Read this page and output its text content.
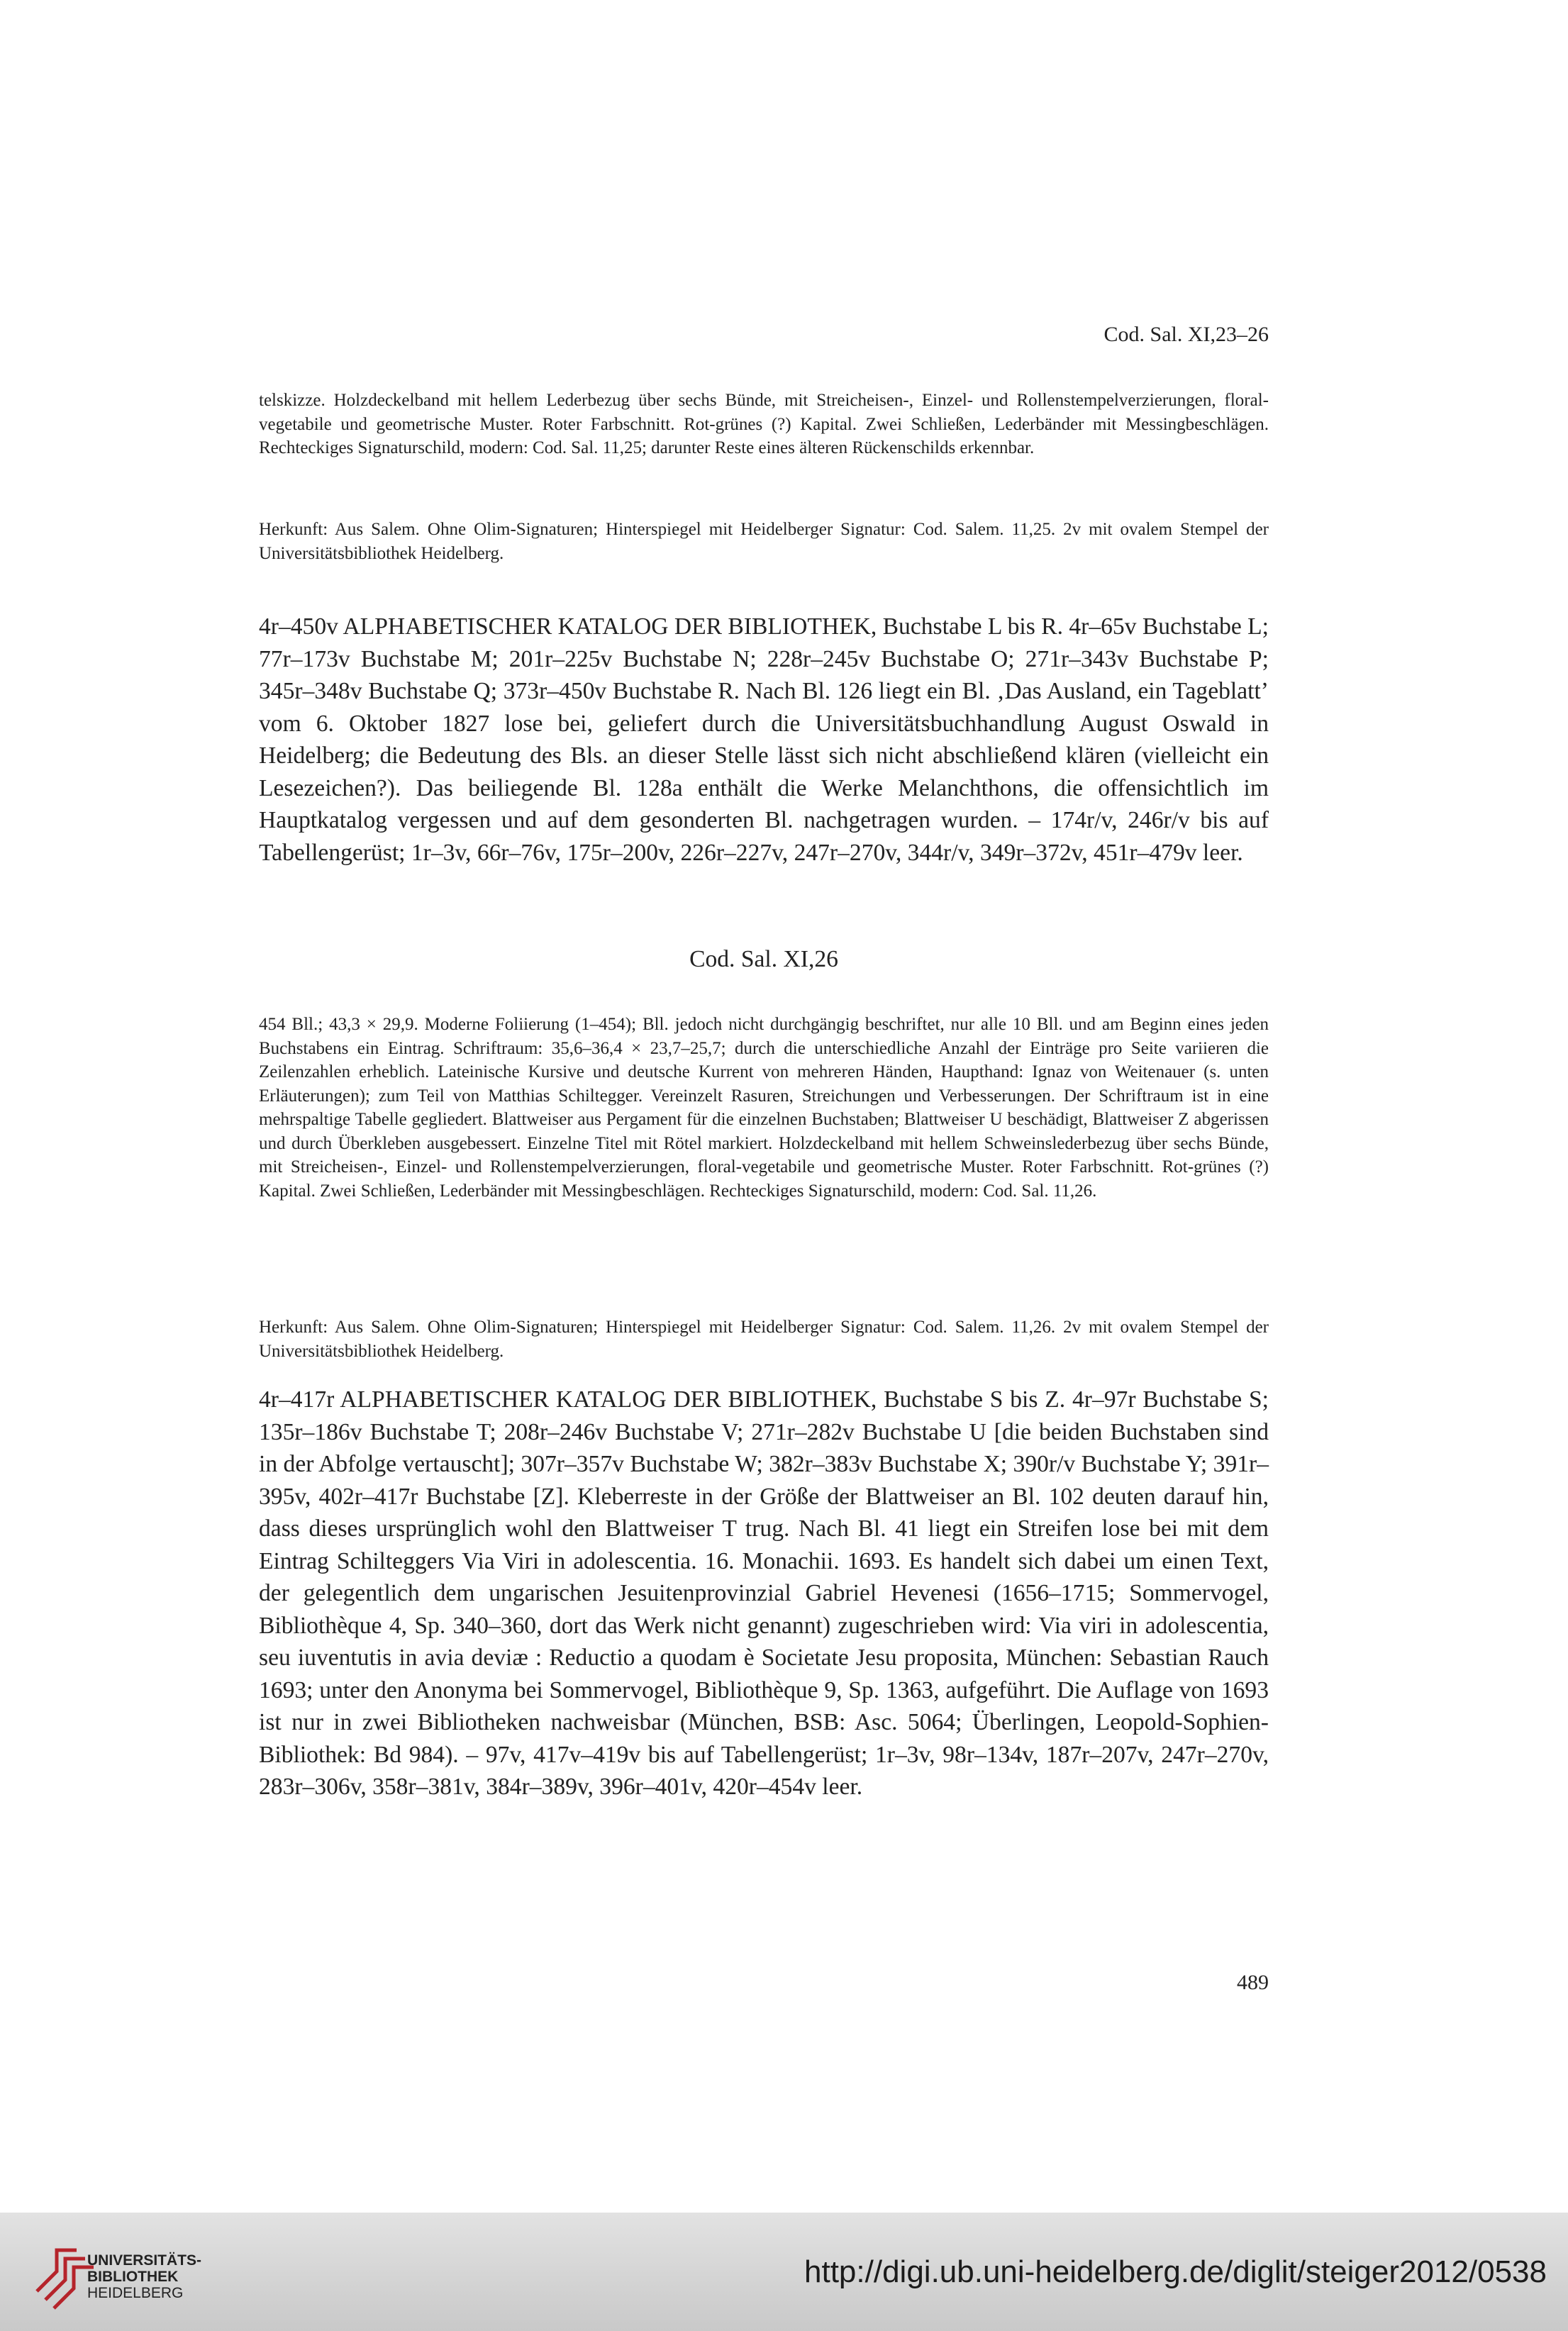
Cod. Sal. XI,23–26

telskizze. Holzdeckelband mit hellem Lederbezug über sechs Bünde, mit Streicheisen-, Einzel- und Rollenstempelverzierungen, floral-vegetabile und geometrische Muster. Roter Farbschnitt. Rot-grünes (?) Kapital. Zwei Schließen, Lederbänder mit Messingbeschlägen. Rechteckiges Signaturschild, modern: Cod. Sal. 11,25; darunter Reste eines älteren Rückenschilds erkennbar.

Herkunft: Aus Salem. Ohne Olim-Signaturen; Hinterspiegel mit Heidelberger Signatur: Cod. Salem. 11,25. 2v mit ovalem Stempel der Universitätsbibliothek Heidelberg.

4r–450v ALPHABETISCHER KATALOG DER BIBLIOTHEK, Buchstabe L bis R. 4r–65v Buchstabe L; 77r–173v Buchstabe M; 201r–225v Buchstabe N; 228r–245v Buchstabe O; 271r–343v Buchstabe P; 345r–348v Buchstabe Q; 373r–450v Buchstabe R. Nach Bl. 126 liegt ein Bl. ‚Das Ausland, ein Tageblatt’ vom 6. Oktober 1827 lose bei, geliefert durch die Universitätsbuchhandlung August Oswald in Heidelberg; die Bedeutung des Bls. an dieser Stelle lässt sich nicht abschließend klären (vielleicht ein Lesezeichen?). Das beiliegende Bl. 128a enthält die Werke Melanchthons, die offensichtlich im Hauptkatalog vergessen und auf dem gesonderten Bl. nachgetragen wurden. – 174r/v, 246r/v bis auf Tabellengerüst; 1r–3v, 66r–76v, 175r–200v, 226r–227v, 247r–270v, 344r/v, 349r–372v, 451r–479v leer.

Cod. Sal. XI,26

454 Bll.; 43,3 × 29,9. Moderne Foliierung (1–454); Bll. jedoch nicht durchgängig beschriftet, nur alle 10 Bll. und am Beginn eines jeden Buchstabens ein Eintrag. Schriftraum: 35,6–36,4 × 23,7–25,7; durch die unterschiedliche Anzahl der Einträge pro Seite variieren die Zeilenzahlen erheblich. Lateinische Kursive und deutsche Kurrent von mehreren Händen, Haupthand: Ignaz von Weitenauer (s. unten Erläuterungen); zum Teil von Matthias Schiltegger. Vereinzelt Rasuren, Streichungen und Verbesserungen. Der Schriftraum ist in eine mehrspaltige Tabelle gegliedert. Blattweiser aus Pergament für die einzelnen Buchstaben; Blattweiser U beschädigt, Blattweiser Z abgerissen und durch Überkleben ausgebessert. Einzelne Titel mit Rötel markiert. Holzdeckelband mit hellem Schweinslederbezug über sechs Bünde, mit Streicheisen-, Einzel- und Rollenstempelverzierungen, floral-vegetabile und geometrische Muster. Roter Farbschnitt. Rot-grünes (?) Kapital. Zwei Schließen, Lederbänder mit Messingbeschlägen. Rechteckiges Signaturschild, modern: Cod. Sal. 11,26.

Herkunft: Aus Salem. Ohne Olim-Signaturen; Hinterspiegel mit Heidelberger Signatur: Cod. Salem. 11,26. 2v mit ovalem Stempel der Universitätsbibliothek Heidelberg.

4r–417r ALPHABETISCHER KATALOG DER BIBLIOTHEK, Buchstabe S bis Z. 4r–97r Buchstabe S; 135r–186v Buchstabe T; 208r–246v Buchstabe V; 271r–282v Buchstabe U [die beiden Buchstaben sind in der Abfolge vertauscht]; 307r–357v Buchstabe W; 382r–383v Buchstabe X; 390r/v Buchstabe Y; 391r–395v, 402r–417r Buchstabe [Z]. Kleberreste in der Größe der Blattweiser an Bl. 102 deuten darauf hin, dass dieses ursprünglich wohl den Blattweiser T trug. Nach Bl. 41 liegt ein Streifen lose bei mit dem Eintrag Schilteggers Via Viri in adolescentia. 16. Monachii. 1693. Es handelt sich dabei um einen Text, der gelegentlich dem ungarischen Jesuitenprovinzial Gabriel Hevenesi (1656–1715; Sommervogel, Bibliothèque 4, Sp. 340–360, dort das Werk nicht genannt) zugeschrieben wird: Via viri in adolescentia, seu iuventutis in avia deviæ : Reductio a quodam è Societate Jesu proposita, München: Sebastian Rauch 1693; unter den Anonyma bei Sommervogel, Bibliothèque 9, Sp. 1363, aufgeführt. Die Auflage von 1693 ist nur in zwei Bibliotheken nachweisbar (München, BSB: Asc. 5064; Überlingen, Leopold-Sophien-Bibliothek: Bd 984). – 97v, 417v–419v bis auf Tabellengerüst; 1r–3v, 98r–134v, 187r–207v, 247r–270v, 283r–306v, 358r–381v, 384r–389v, 396r–401v, 420r–454v leer.

489
UNIVERSITÄTS-
BIBLIOTHEK
HEIDELBERG
http://digi.ub.uni-heidelberg.de/diglit/steiger2012/0538
